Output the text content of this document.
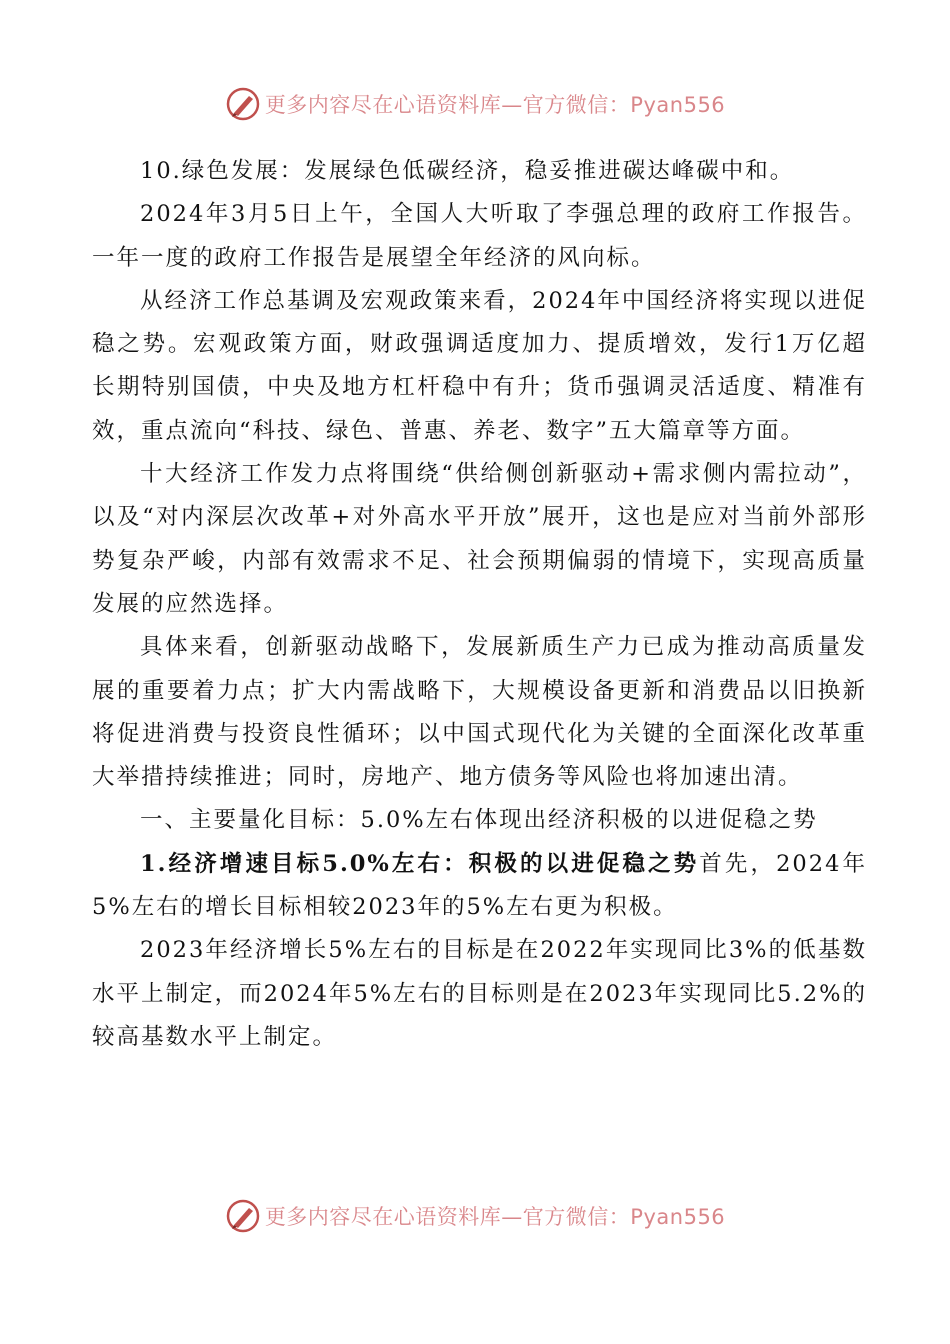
更多内容尽在心语资料库—官方微信：Pyan556

10.绿色发展：发展绿色低碳经济，稳妥推进碳达峰碳中和。

2024年3月5日上午，全国人大听取了李强总理的政府工作报告。一年一度的政府工作报告是展望全年经济的风向标。

从经济工作总基调及宏观政策来看，2024年中国经济将实现以进促稳之势。宏观政策方面，财政强调适度加力、提质增效，发行1万亿超长期特别国债，中央及地方杠杆稳中有升；货币强调灵活适度、精准有效，重点流向“科技、绿色、普惠、养老、数字”五大篇章等方面。

十大经济工作发力点将围绕“供给侧创新驱动+需求侧内需拉动”，以及“对内深层次改革+对外高水平开放”展开，这也是应对当前外部形势复杂严峻，内部有效需求不足、社会预期偏弱的情境下，实现高质量发展的应然选择。

具体来看，创新驱动战略下，发展新质生产力已成为推动高质量发展的重要着力点；扩大内需战略下，大规模设备更新和消费品以旧换新将促进消费与投资良性循环；以中国式现代化为关键的全面深化改革重大举措持续推进；同时，房地产、地方债务等风险也将加速出清。

一、主要量化目标：5.0%左右体现出经济积极的以进促稳之势

1.经济增速目标5.0%左右：积极的以进促稳之势首先，2024年5%左右的增长目标相较2023年的5%左右更为积极。

2023年经济增长5%左右的目标是在2022年实现同比3%的低基数水平上制定，而2024年5%左右的目标则是在2023年实现同比5.2%的较高基数水平上制定。

更多内容尽在心语资料库—官方微信：Pyan556
